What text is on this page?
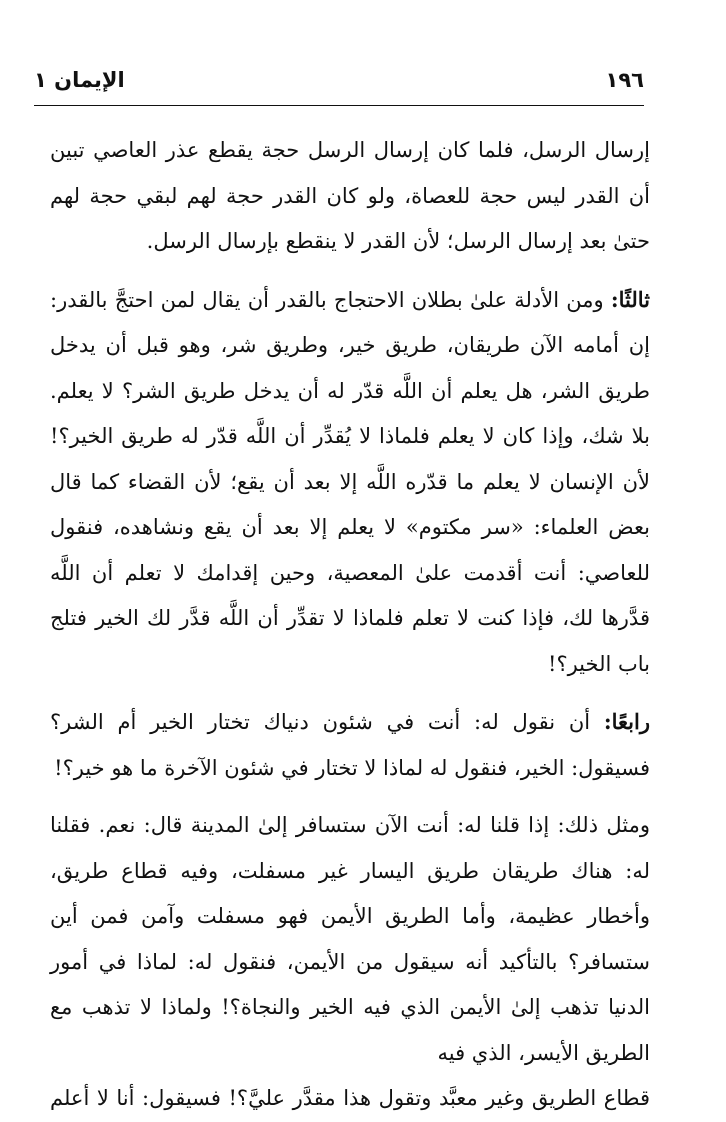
١٩٦
الإيمان ١

إرسال الرسل، فلما كان إرسال الرسل حجة يقطع عذر العاصي تبين أن القدر ليس حجة للعصاة، ولو كان القدر حجة لهم لبقي حجة لهم حتىٰ بعد إرسال الرسل؛ لأن القدر لا ينقطع بإرسال الرسل.

ثالثًا: ومن الأدلة علىٰ بطلان الاحتجاج بالقدر أن يقال لمن احتجَّ بالقدر: إن أمامه الآن طريقان، طريق خير، وطريق شر، وهو قبل أن يدخل طريق الشر، هل يعلم أن اللَّه قدّر له أن يدخل طريق الشر؟ لا يعلم. بلا شك، وإذا كان لا يعلم فلماذا لا يُقدِّر أن اللَّه قدّر له طريق الخير؟! لأن الإنسان لا يعلم ما قدّره اللَّه إلا بعد أن يقع؛ لأن القضاء كما قال بعض العلماء: «سر مكتوم» لا يعلم إلا بعد أن يقع ونشاهده، فنقول للعاصي: أنت أقدمت علىٰ المعصية، وحين إقدامك لا تعلم أن اللَّه قدَّرها لك، فإذا كنت لا تعلم فلماذا لا تقدِّر أن اللَّه قدَّر لك الخير فتلج باب الخير؟!

رابعًا: أن نقول له: أنت في شئون دنياك تختار الخير أم الشر؟ فسيقول: الخير، فنقول له لماذا لا تختار في شئون الآخرة ما هو خير؟!

ومثل ذلك: إذا قلنا له: أنت الآن ستسافر إلىٰ المدينة قال: نعم. فقلنا له: هناك طريقان طريق اليسار غير مسفلت، وفيه قطاع طريق، وأخطار عظيمة، وأما الطريق الأيمن فهو مسفلت وآمن فمن أين ستسافر؟ بالتأكيد أنه سيقول من الأيمن، فنقول له: لماذا في أمور الدنيا تذهب إلىٰ الأيمن الذي فيه الخير والنجاة؟! ولماذا لا تذهب مع الطريق الأيسر، الذي فيه
قطاع الطريق وغير معبَّد وتقول هذا مقدَّر عليَّ؟! فسيقول: أنا لا أعلم
